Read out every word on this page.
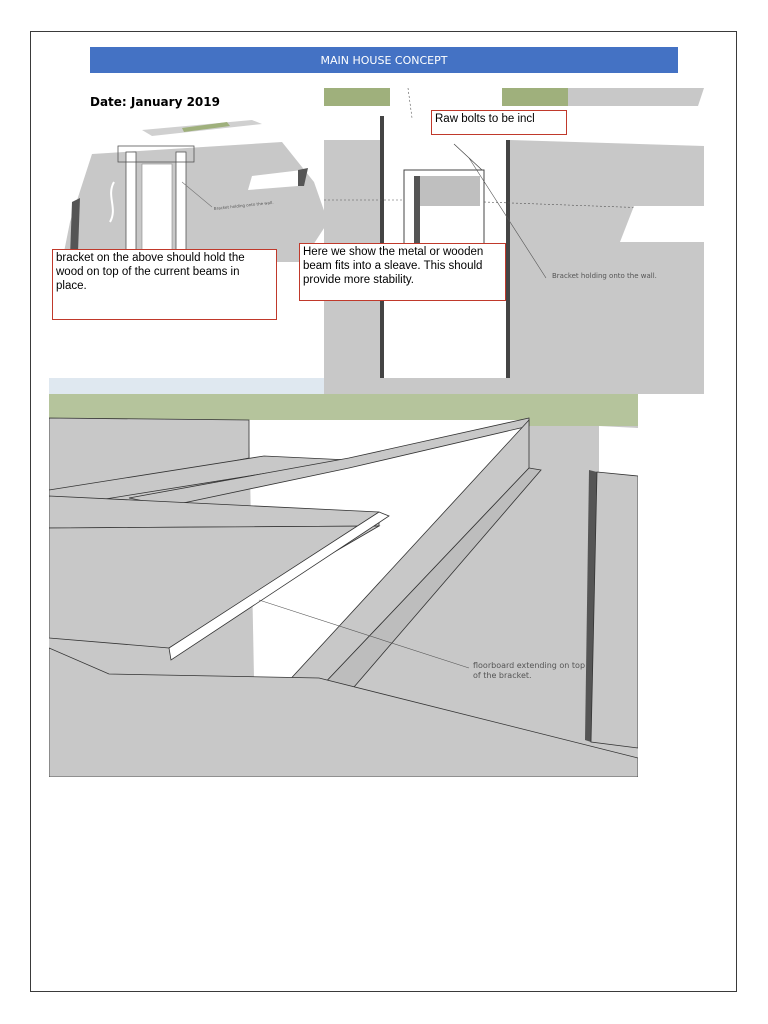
MAIN HOUSE CONCEPT
Date: January 2019
Bracket holding onto the wall.
bracket on the above should hold the wood on top of the current beams in place.
Bracket holding onto the wall.
Raw bolts to be incl
Here we show the metal or wooden beam fits into a sleave. This should provide more stability.
floorboard extending on top
of the bracket.
